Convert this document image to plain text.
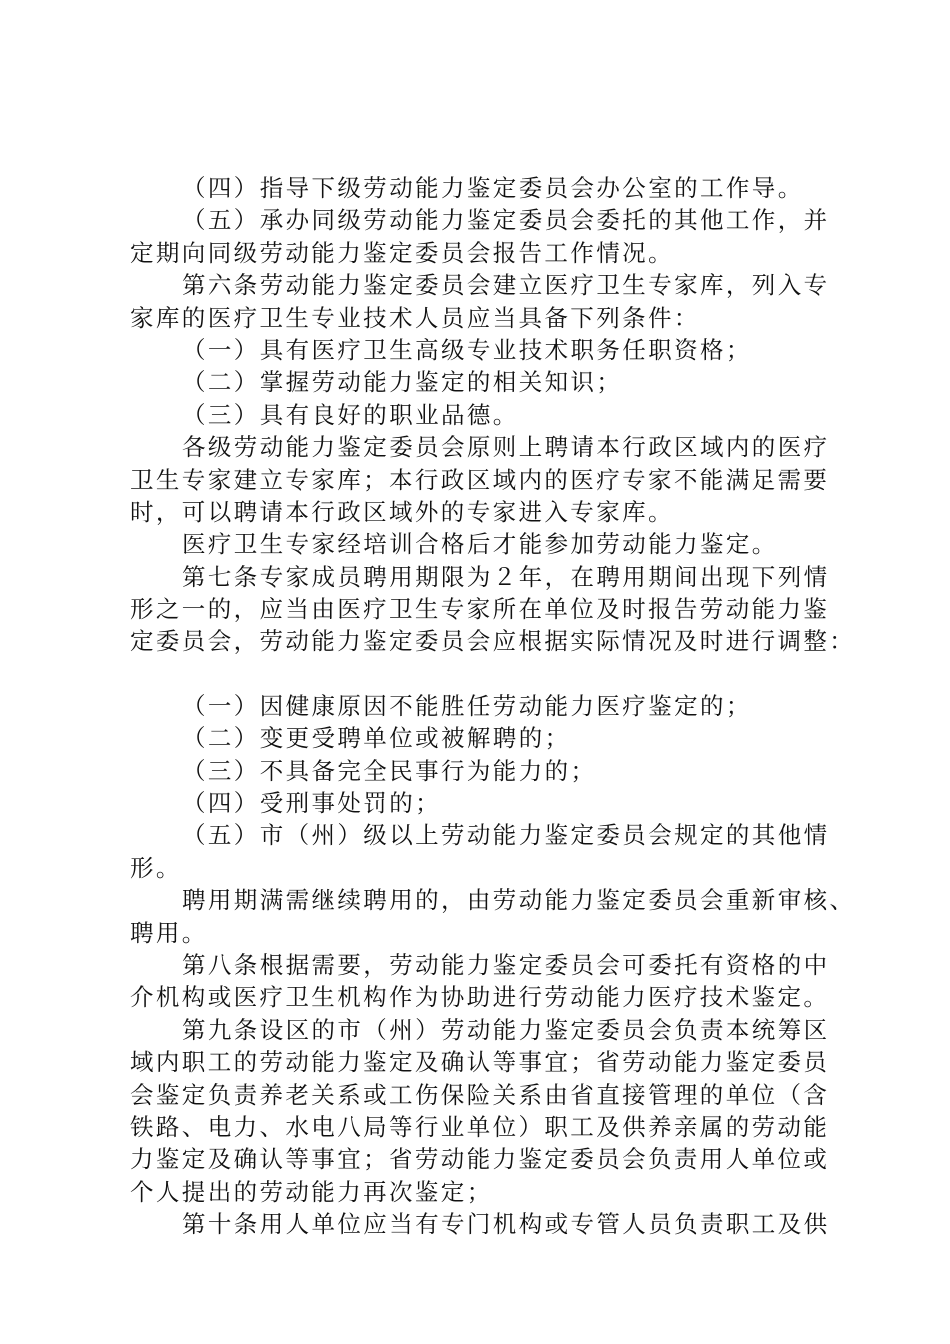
（四）指导下级劳动能力鉴定委员会办公室的工作导。
（五）承办同级劳动能力鉴定委员会委托的其他工作，并
定期向同级劳动能力鉴定委员会报告工作情况。
第六条劳动能力鉴定委员会建立医疗卫生专家库，列入专
家库的医疗卫生专业技术人员应当具备下列条件：
（一）具有医疗卫生高级专业技术职务任职资格；
（二）掌握劳动能力鉴定的相关知识；
（三）具有良好的职业品德。
各级劳动能力鉴定委员会原则上聘请本行政区域内的医疗
卫生专家建立专家库；本行政区域内的医疗专家不能满足需要
时，可以聘请本行政区域外的专家进入专家库。
医疗卫生专家经培训合格后才能参加劳动能力鉴定。
第七条专家成员聘用期限为２年，在聘用期间出现下列情
形之一的，应当由医疗卫生专家所在单位及时报告劳动能力鉴
定委员会，劳动能力鉴定委员会应根据实际情况及时进行调整：
（一）因健康原因不能胜任劳动能力医疗鉴定的；
（二）变更受聘单位或被解聘的；
（三）不具备完全民事行为能力的；
（四）受刑事处罚的；
（五）市（州）级以上劳动能力鉴定委员会规定的其他情
形。
聘用期满需继续聘用的，由劳动能力鉴定委员会重新审核、
聘用。
第八条根据需要，劳动能力鉴定委员会可委托有资格的中
介机构或医疗卫生机构作为协助进行劳动能力医疗技术鉴定。
第九条设区的市（州）劳动能力鉴定委员会负责本统筹区
域内职工的劳动能力鉴定及确认等事宜；省劳动能力鉴定委员
会鉴定负责养老关系或工伤保险关系由省直接管理的单位（含
铁路、电力、水电八局等行业单位）职工及供养亲属的劳动能
力鉴定及确认等事宜；省劳动能力鉴定委员会负责用人单位或
个人提出的劳动能力再次鉴定；
第十条用人单位应当有专门机构或专管人员负责职工及供
